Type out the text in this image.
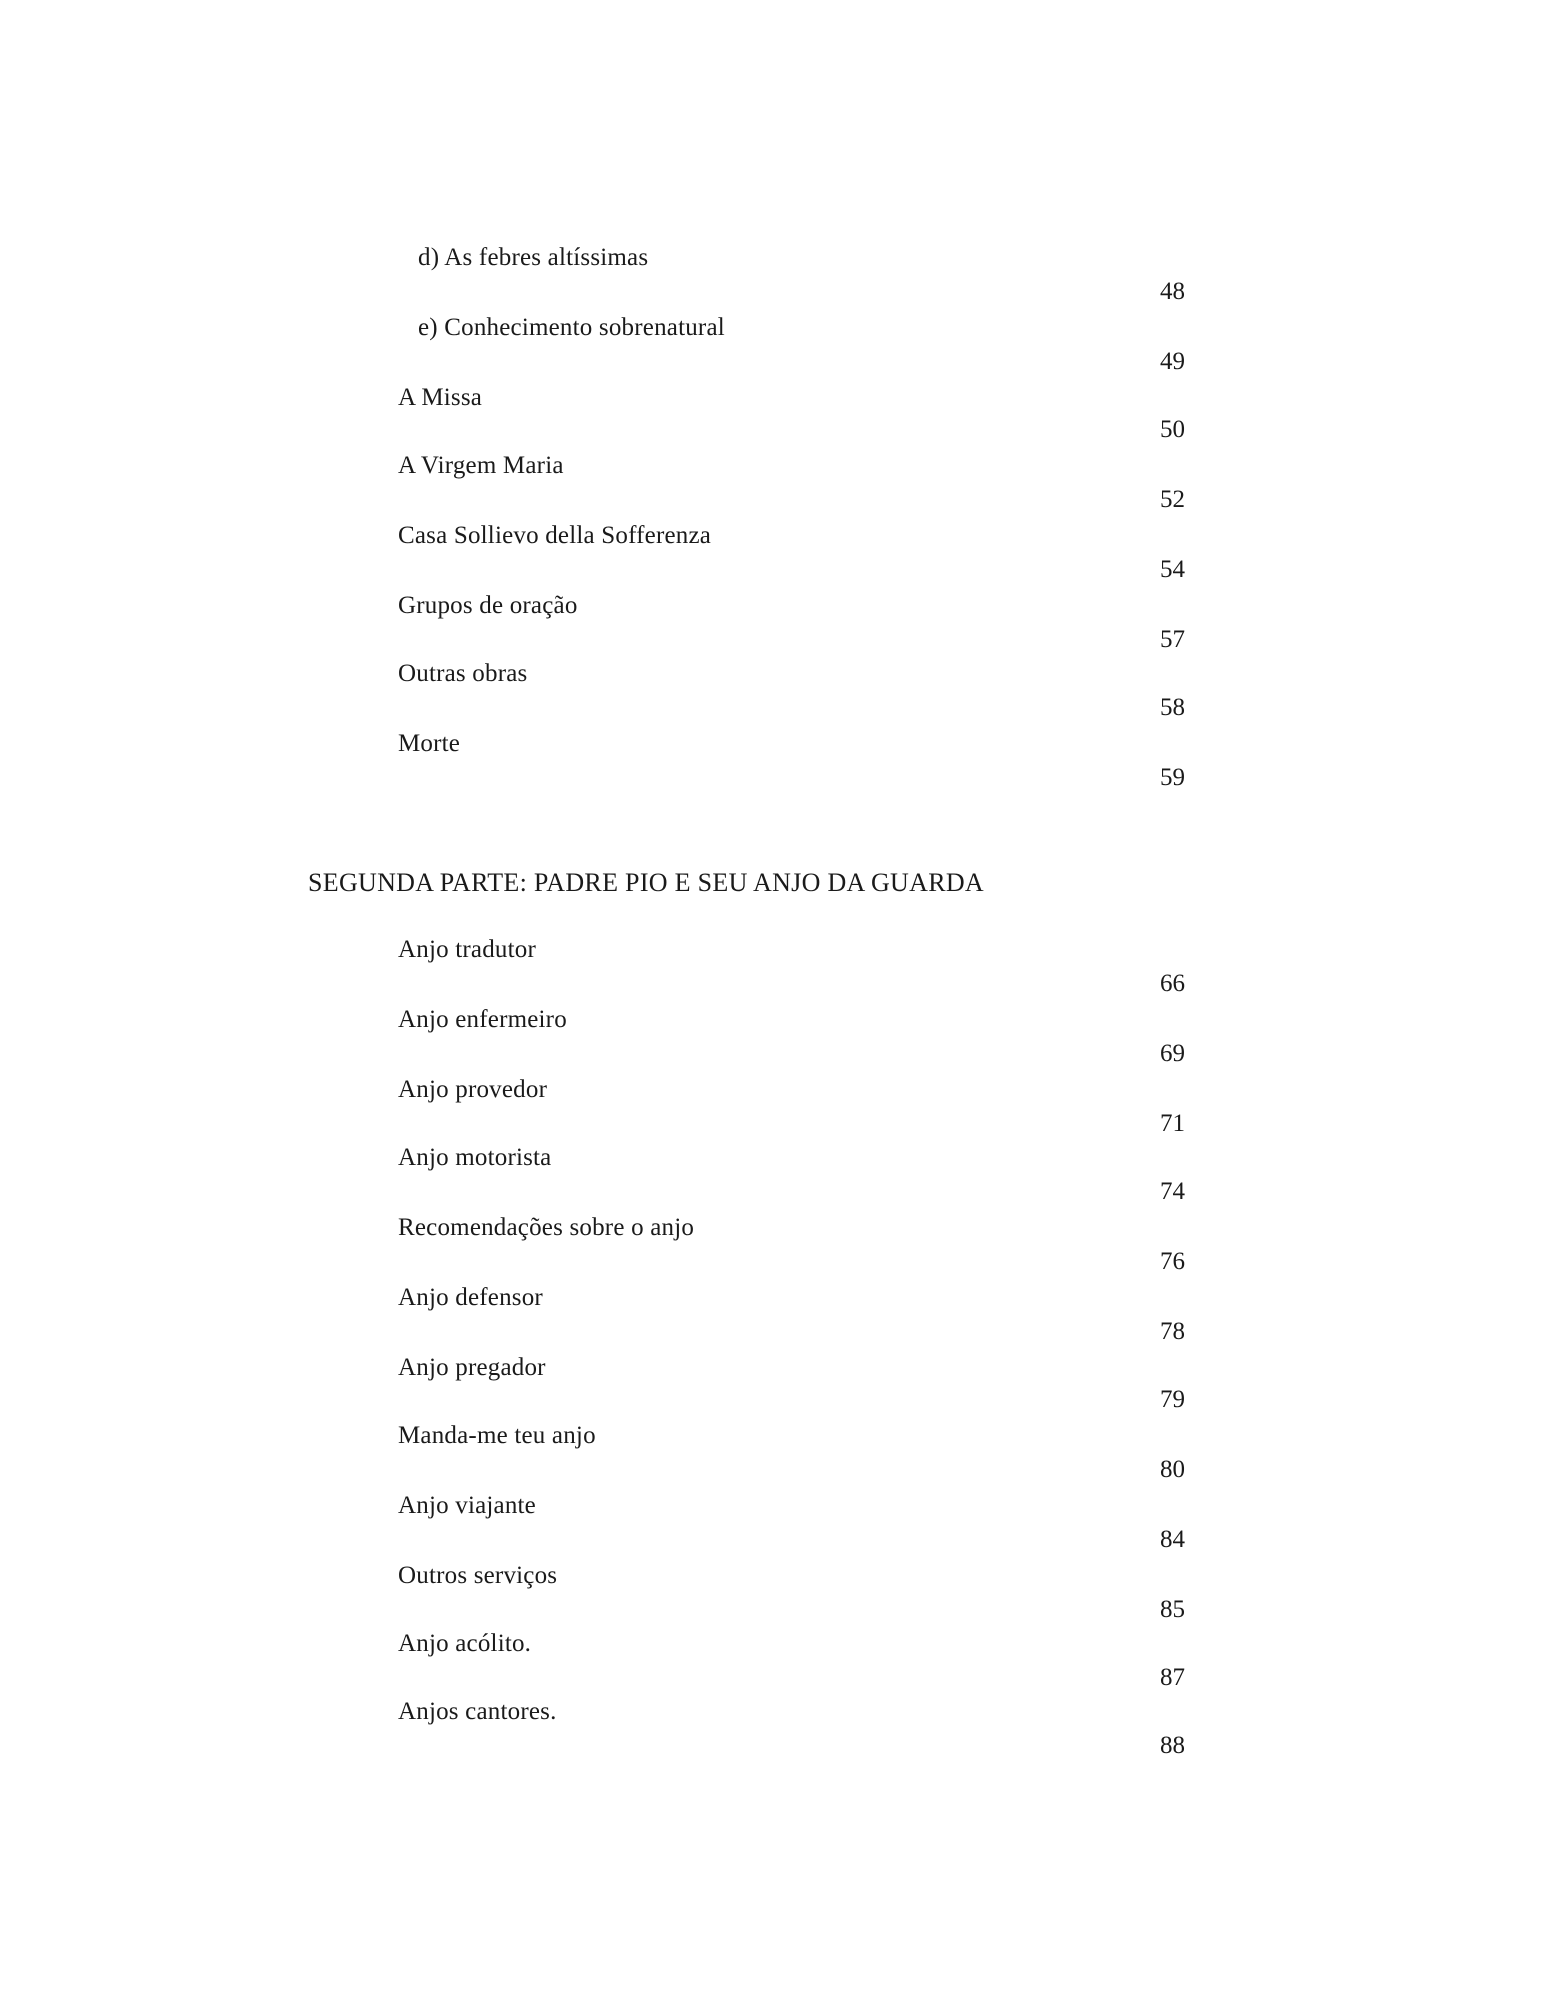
d) As febres altíssimas
48
e) Conhecimento sobrenatural
49
A Missa
50
A Virgem Maria
52
Casa Sollievo della Sofferenza
54
Grupos de oração
57
Outras obras
58
Morte
59
SEGUNDA PARTE: PADRE PIO E SEU ANJO DA GUARDA
Anjo tradutor
66
Anjo enfermeiro
69
Anjo provedor
71
Anjo motorista
74
Recomendações sobre o anjo
76
Anjo defensor
78
Anjo pregador
79
Manda-me teu anjo
80
Anjo viajante
84
Outros serviços
85
Anjo acólito.
87
Anjos cantores.
88
